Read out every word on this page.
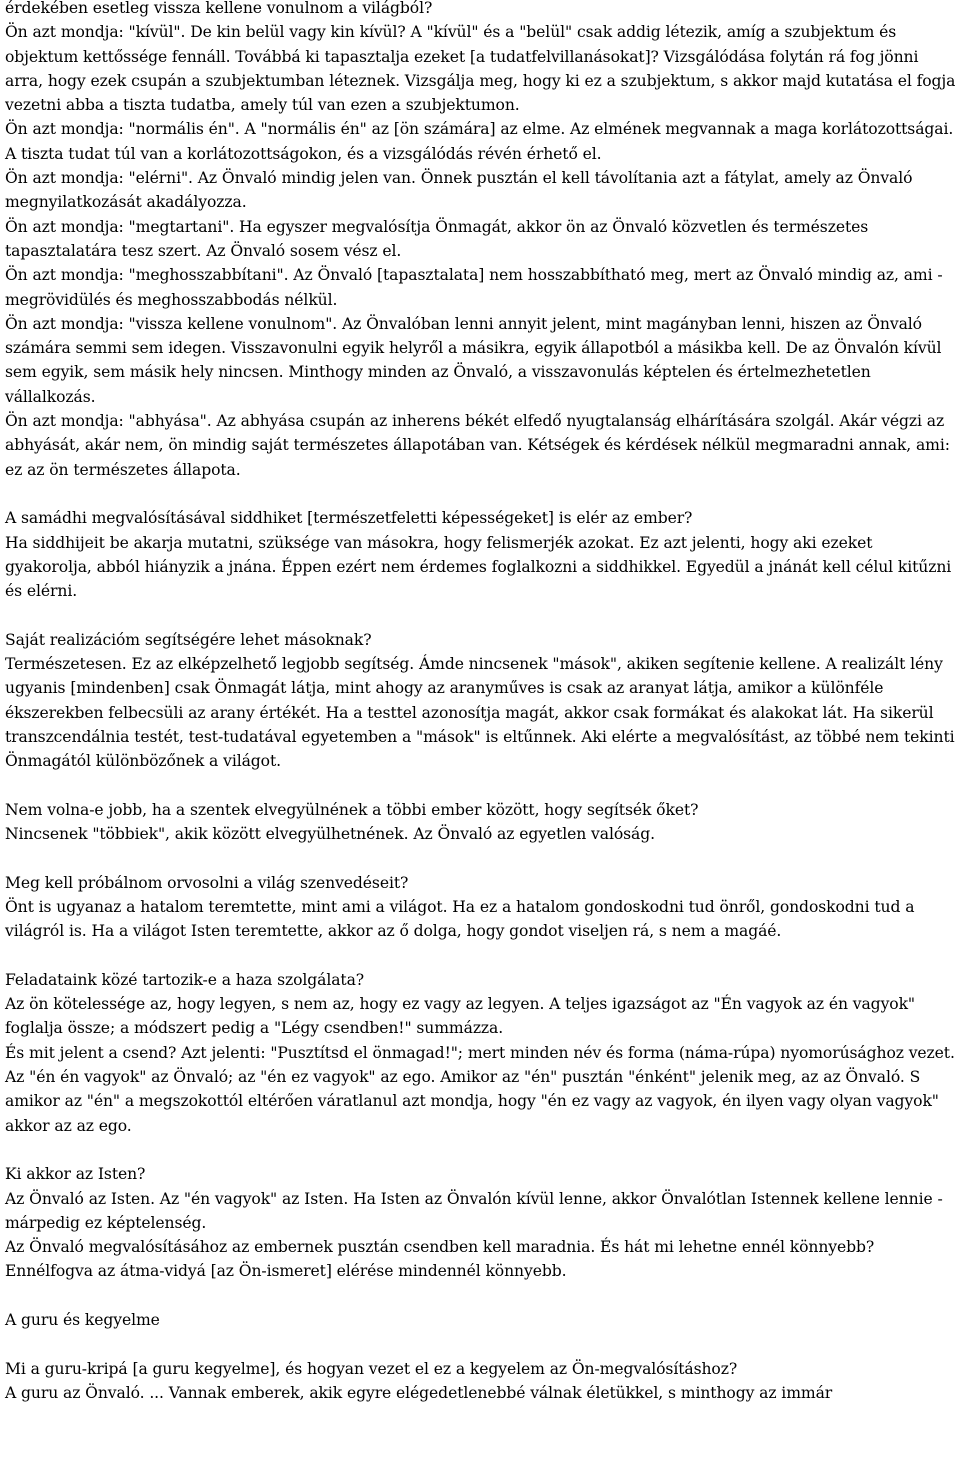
érdekében esetleg vissza kellene vonulnom a világból?

Ön azt mondja: "kívül". De kin belül vagy kin kívül? A "kívül" és a "belül" csak addig létezik, amíg a szubjektum és objektum kettőssége fennáll. Továbbá ki tapasztalja ezeket [a tudatfelvillanásokat]? Vizsgálódása folytán rá fog jönni arra, hogy ezek csupán a szubjektumban léteznek. Vizsgálja meg, hogy ki ez a szubjektum, s akkor majd kutatása el fogja vezetni abba a tiszta tudatba, amely túl van ezen a szubjektumon.

Ön azt mondja: "normális én". A "normális én" az [ön számára] az elme. Az elmének megvannak a maga korlátozottságai. A tiszta tudat túl van a korlátozottságokon, és a vizsgálódás révén érhető el.

Ön azt mondja: "elérni". Az Önvaló mindig jelen van. Önnek pusztán el kell távolítania azt a fátylat, amely az Önvaló megnyilatkozását akadályozza.

Ön azt mondja: "megtartani". Ha egyszer megvalósítja Önmagát, akkor ön az Önvaló közvetlen és természetes tapasztalatára tesz szert. Az Önvaló sosem vész el.

Ön azt mondja: "meghosszabbítani". Az Önvaló [tapasztalata] nem hosszabbítható meg, mert az Önvaló mindig az, ami - megrövidülés és meghosszabbodás nélkül.

Ön azt mondja: "vissza kellene vonulnom". Az Önvalóban lenni annyit jelent, mint magányban lenni, hiszen az Önvaló számára semmi sem idegen. Visszavonulni egyik helyről a másikra, egyik állapotból a másikba kell. De az Önvalón kívül sem egyik, sem másik hely nincsen. Minthogy minden az Önvaló, a visszavonulás képtelen és értelmezhetetlen vállalkozás.

Ön azt mondja: "abhyása". Az abhyása csupán az inherens békét elfedő nyugtalanság elhárítására szolgál. Akár végzi az abhyását, akár nem, ön mindig saját természetes állapotában van. Kétségek és kérdések nélkül megmaradni annak, ami: ez az ön természetes állapota.

A samádhi megvalósításával siddhiket [természetfeletti képességeket] is elér az ember?

Ha siddhijeit be akarja mutatni, szüksége van másokra, hogy felismerjék azokat. Ez azt jelenti, hogy aki ezeket gyakorolja, abból hiányzik a jnána. Éppen ezért nem érdemes foglalkozni a siddhikkel. Egyedül a jnánát kell célul kitűzni és elérni.

Saját realizációm segítségére lehet másoknak?

Természetesen. Ez az elképzelhető legjobb segítség. Ámde nincsenek "mások", akiken segítenie kellene. A realizált lény ugyanis [mindenben] csak Önmagát látja, mint ahogy az aranyműves is csak az aranyat látja, amikor a különféle ékszerekben felbecsüli az arany értékét. Ha a testtel azonosítja magát, akkor csak formákat és alakokat lát. Ha sikerül transzcendálnia testét, test-tudatával egyetemben a "mások" is eltűnnek. Aki elérte a megvalósítást, az többé nem tekinti Önmagától különbözőnek a világot.

Nem volna-e jobb, ha a szentek elvegyülnének a többi ember között, hogy segítsék őket?

Nincsenek "többiek", akik között elvegyülhetnének. Az Önvaló az egyetlen valóság.

Meg kell próbálnom orvosolni a világ szenvedéseit?

Önt is ugyanaz a hatalom teremtette, mint ami a világot. Ha ez a hatalom gondoskodni tud önről, gondoskodni tud a világról is. Ha a világot Isten teremtette, akkor az ő dolga, hogy gondot viseljen rá, s nem a magáé.

Feladataink közé tartozik-e a haza szolgálata?

Az ön kötelessége az, hogy legyen, s nem az, hogy ez vagy az legyen. A teljes igazságot az "Én vagyok az én vagyok" foglalja össze; a módszert pedig a "Légy csendben!" summázza.

És mit jelent a csend? Azt jelenti: "Pusztítsd el önmagad!"; mert minden név és forma (náma-rúpa) nyomorúsághoz vezet. Az "én én vagyok" az Önvaló; az "én ez vagyok" az ego. Amikor az "én" pusztán "énként" jelenik meg, az az Önvaló. S amikor az "én" a megszokottól eltérően váratlanul azt mondja, hogy "én ez vagy az vagyok, én ilyen vagy olyan vagyok" akkor az az ego.

Ki akkor az Isten?

Az Önvaló az Isten. Az "én vagyok" az Isten. Ha Isten az Önvalón kívül lenne, akkor Önvalótlan Istennek kellene lennie - márpedig ez képtelenség.

Az Önvaló megvalósításához az embernek pusztán csendben kell maradnia. És hát mi lehetne ennél könnyebb? Ennélfogva az átma-vidyá [az Ön-ismeret] elérése mindennél könnyebb.

A guru és kegyelme

Mi a guru-kripá [a guru kegyelme], és hogyan vezet el ez a kegyelem az Ön-megvalósításhoz?

A guru az Önvaló. ... Vannak emberek, akik egyre elégedetlenebbé válnak életükkel, s minthogy az immár
